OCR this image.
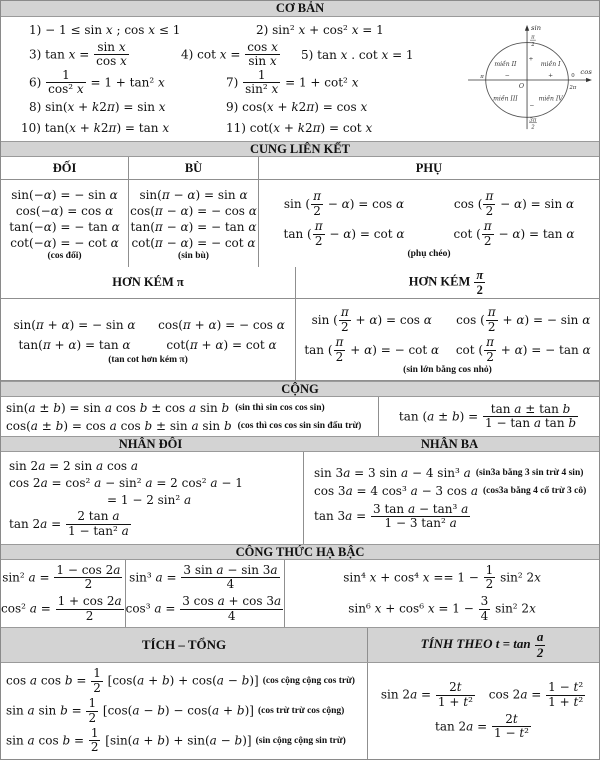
CƠ BẢN
1) − 1 ≤ sin x ; cos x ≤ 1	2) sin² x + cos² x = 1
3) $\tan x = \frac{\text{sin x}}{\text{cos x}}$	4) $\cot x = \frac{\text{cos x}}{\text{sin x}} 5$) tan x . cot x = 1
$6) \frac{1}{\text{cos² x}} = 1 + \tan^2$ x	$7) \frac{1}{\text{sin² x}} = 1 + \cot^2$ x
8) sin(x + k2π) = sin x	9) cos(x + k2π) = cos x
10) tan(x + k2π) = tan x	11) cot(x + k2π) = cot x
sin
cos
π
2
3π
2
π	0
2π
O
miền II	miền I
miền III	miền IV
+
−	+
−
CUNG LIÊN KẾT
ĐỐI
sin(−α) = − sin α
cos(−α) = cos α
tan(−α) = − tan α
cot(−α) = − cot α
(cos đối)
BÙ
sin(π − α) = sin α
cos(π − α) = − cos α
tan(π − α) = − tan α
cot(π − α) = − cot α
(sin bù)
PHỤ
sin ( $\frac{\pi}{2} - \alpha) = \cos \alpha$	cos ( $\frac{\pi}{2} - \alpha) = \sin \alpha$
tan ( $\frac{\pi}{2} - \alpha) = \cot \alpha$	cot ( $\frac{\pi}{2} - \alpha) = \tan \alpha$
(phụ chéo)
HƠN KÉM π
sin(π + α) = − sin α cos(π + α) = − cos α
tan(π + α) = tan α	cot(π + α) = cot α
(tan cot hơn kém π)
HƠN KÉM $\frac{\pi}{2}$
sin ( $\frac{\pi}{2} + \alpha) = \cos \alpha$ cos ( $\frac{\pi}{2} + \alpha$) = − sin α
tan ( $\frac{\pi}{2} + \alpha$) = − cot α cot ( $\frac{\pi}{2} + \alpha$) = − tan α
(sin lớn bằng cos nhỏ)
CỘNG
sin(a ± b) = sin a cos b ± cos a sin b (sin thì sin cos cos sin)
cos(a ± b) = cos a cos b ± sin a sin b (cos thì cos cos sin sin đấu trừ)
$\tan (a \pm b) = \frac{\text{tan a ± tan b}}{\text{1 − tan a tan b}}$
NHÂN ĐÔI	NHÂN BA
sin 2a = 2 sin a cos a
cos 2a = cos² a − sin² a = 2 cos² a − 1
= 1 − 2 sin² a
$\tan 2a = \frac{\text{2 tan a}}{\text{1 − tan² a}}$
sin 3a = 3 sin a − 4 sin³ a (sin3a bằng 3 sin trừ 4 sin)
cos 3a = 4 cos³ a − 3 cos a (cos3a bằng 4 cổ trừ 3 cô)
$\tan 3a = \frac{\text{3 tan a − tan³ a}}{\text{1 − 3 tan² a}}$
CÔNG THỨC HẠ BẬC
sin² $a = \frac{1 - \cos 2a}{2}$
cos² $a = \frac{1 + \cos 2a}{2}$
sin³ $a = \frac{\text{3 sin a − sin 3a}}{4}$
cos³ $a = \frac{\text{3 cos a + cos 3a}}{4}$
sin⁴ x + cos⁴ $x == 1 - \frac{1}{2} \sin^2$ 2x
sin⁶ x + cos⁶ $x = 1 - \frac{3}{4} \sin^2$ 2x
TÍCH – TỔNG	TÍNH THEO $t = \tan \frac{a}{2}$
cos a $\cos b = \frac{1}{2} [\cos(a + b) + \cos(a - b)]$ (cos cộng cộng cos trừ)
sin a $\sin b = \frac{1}{2} [\cos(a - b) - \cos(a + b)]$ (cos trừ trừ cos cộng)
sin a $\cos b = \frac{1}{2} [\sin(a + b) + \sin(a - b)]$ (sin cộng cộng sin trừ)
$\sin 2a = \frac{2t}{\text{1 + t²}}$ $\cos 2a = \frac{\text{1 − t²}}{\text{1 + t²}}$
$\tan 2a = \frac{2t}{\text{1 − t²}}$
